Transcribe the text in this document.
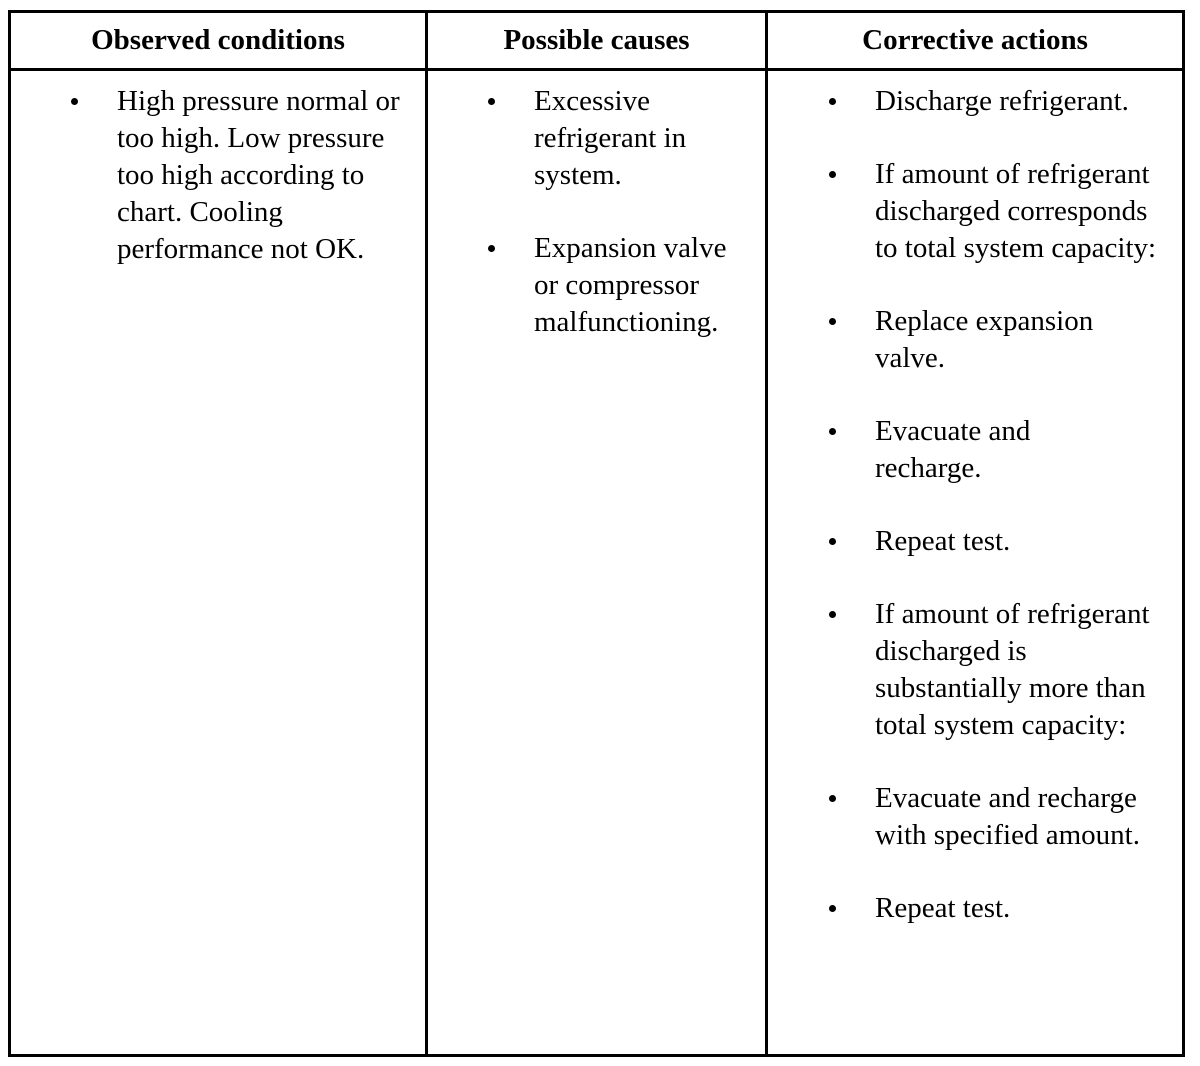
Observed conditions	Possible causes	Corrective actions
High pressure normal or too high. Low pressure too high according to chart. Cooling performance not OK.
Excessive refrigerant in system.
Expansion valve or compressor malfunctioning.
Discharge refrigerant.
If amount of refrigerant discharged corresponds to total system capacity:
Replace expansion valve.
Evacuate and recharge.
Repeat test.
If amount of refrigerant discharged is substantially more than total system capacity:
Evacuate and recharge with specified amount.
Repeat test.
